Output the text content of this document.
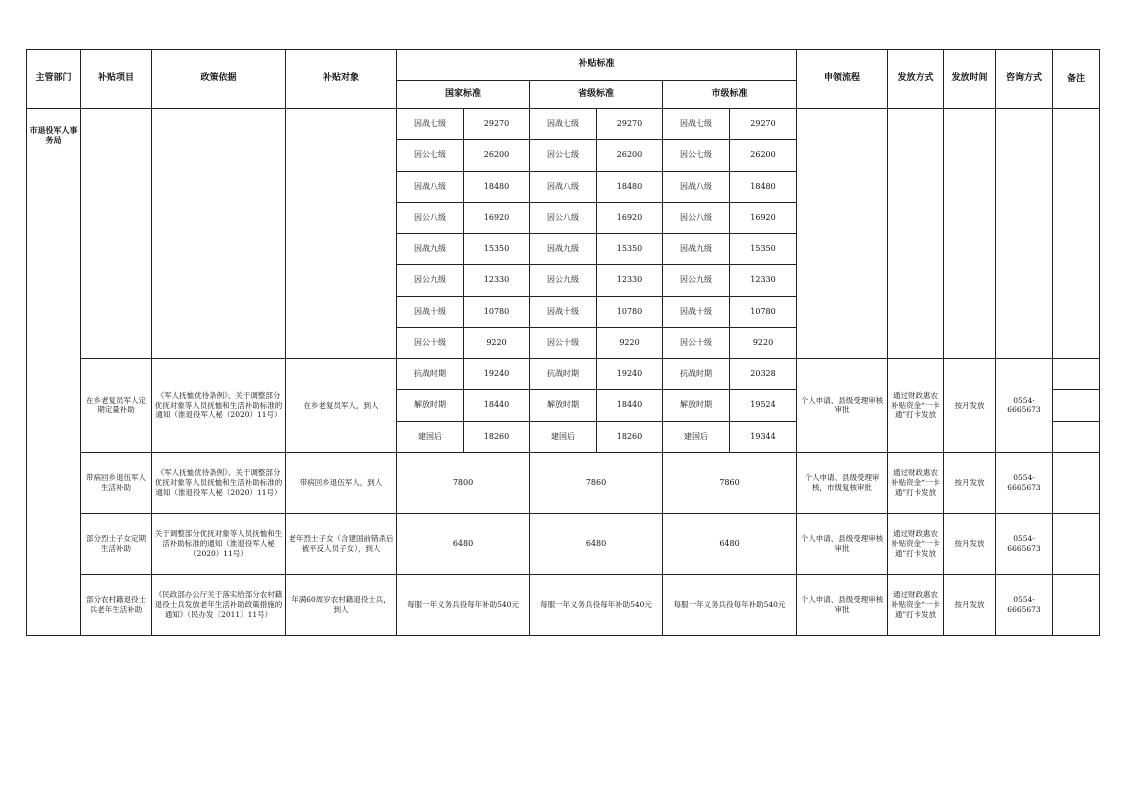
主管部门	补贴项目	政策依据	补贴对象	补贴标准						申领流程	发放方式	发放时间	咨询方式	备注
				国家标准		省级标准		市级标准						
市退役军人事务局				因战七级	29270	因战七级	29270	因战七级	29270					
				因公七级	26200	因公七级	26200	因公七级	26200					
				因战八级	18480	因战八级	18480	因战八级	18480					
				因公八级	16920	因公八级	16920	因公八级	16920					
				因战九级	15350	因战九级	15350	因战九级	15350					
				因公九级	12330	因公九级	12330	因公九级	12330					
				因战十级	10780	因战十级	10780	因战十级	10780					
				因公十级	9220	因公十级	9220	因公十级	9220					
	在乡老复员军人定期定量补助	《军人抚恤优待条例》、关于调整部分优抚对象等人员抚恤和生活补助标准的通知（淮退役军人秘（2020）11号）	在乡老复员军人，到人	抗战时期	19240	抗战时期	19240	抗战时期	20328	个人申请、县级受理审核审批	通过财政惠农补贴资金“一卡通”打卡发放	按月发放	0554-6665673	
				解放时期	18440	解放时期	18440	解放时期	19524					
				建国后	18260	建国后	18260	建国后	19344					
	带病回乡退伍军人生活补助	《军人抚恤优待条例》、关于调整部分优抚对象等人员抚恤和生活补助标准的通知（淮退役军人秘（2020）11号）	带病回乡退伍军人，到人	7800		7860		7860		个人申请、县级受理审核，市级复核审批	通过财政惠农补贴资金“一卡通”打卡发放	按月发放	0554-6665673	
	部分烈士子女定期生活补助	关于调整部分优抚对象等人员抚恤和生活补助标准的通知（淮退役军人秘（2020）11号）	老年烈士子女（含建国前错杀后被平反人员子女），到人	6480		6480		6480		个人申请、县级受理审核审批	通过财政惠农补贴资金“一卡通”打卡发放	按月发放	0554-6665673	
	部分农村籍退役士兵老年生活补助	《民政部办公厅关于落实给部分农村籍退役士兵发放老年生活补助政策措施的通知》（民办发〔2011〕11号）	年满60周岁农村籍退役士兵，到人	每服一年义务兵役每年补助540元		每服一年义务兵役每年补助540元		每服一年义务兵役每年补助540元		个人申请、县级受理审核审批	通过财政惠农补贴资金“一卡通”打卡发放	按月发放	0554-6665673	
